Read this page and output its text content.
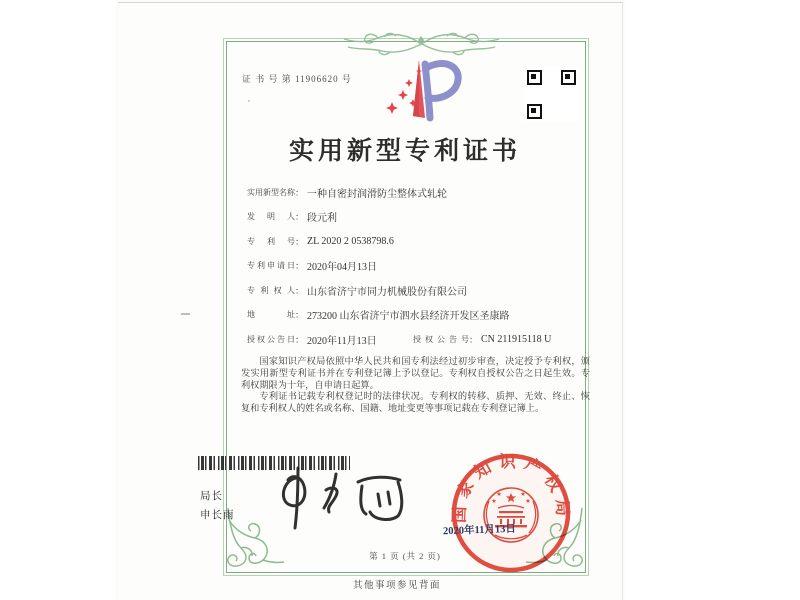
证 书 号 第 11906620 号
实用新型专利证书
实用新型名称 ： 一种自密封润滑防尘整体式轧轮
发明人 ： 段元利
专利号 ： ZL 2020 2 0538798.6
专利申请日 ： 2020年04月13日
专利权人 ： 山东省济宁市同力机械股份有限公司
地址 ： 273200 山东省济宁市泗水县经济开发区圣康路
授权公告日 ： 2020年11月13日	授权公告号 ： CN 211915118 U

国家知识产权局依照中华人民共和国专利法经过初步审查，决定授予专利权，颁发实用新型专利证书并在专利登记簿上予以登记。专利权自授权公告之日起生效。专利权期限为十年，自申请日起算。

专利证书记载专利权登记时的法律状况。专利权的转移、质押、无效、终止、恢复和专利权人的姓名或名称、国籍、地址变更等事项记载在专利登记簿上。

局长
申长雨	国家知识产权局
2020年11月13日
第 1 页 (共 2 页)
其他事项参见背面
